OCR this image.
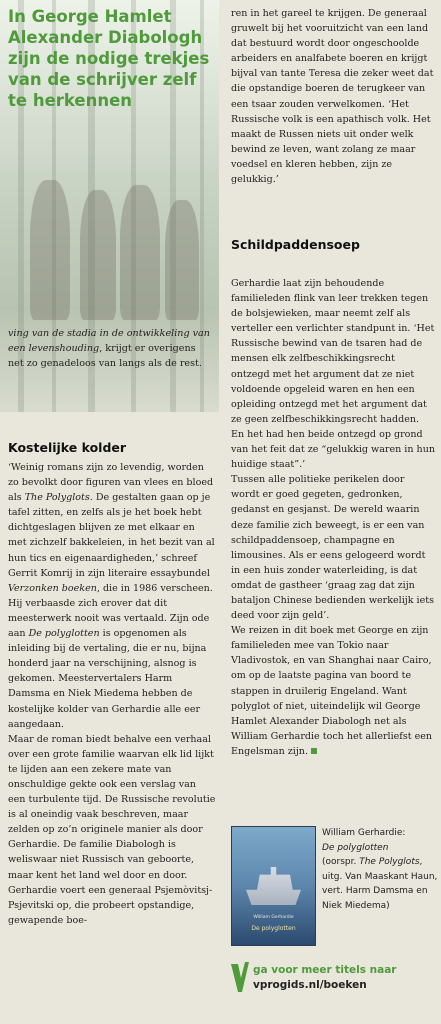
In George Hamlet Alexander Diabologh zijn de nodige trekjes van de schrijver zelf te herkennen
ving van de stadia in de ontwikkeling van een levenshouding, krijgt er overigens net zo genadeloos van langs als de rest.
Kostelijke kolder

‘Weinig romans zijn zo levendig, worden zo bevolkt door figuren van vlees en bloed als The Polyglots. De gestalten gaan op je tafel zitten, en zelfs als je het boek hebt dichtgeslagen blijven ze met elkaar en met zichzelf bakkeleien, in het bezit van al hun tics en eigenaardigheden,’ schreef Gerrit Komrij in zijn literaire essaybundel Verzonken boeken, die in 1986 verscheen. Hij verbaasde zich erover dat dit meesterwerk nooit was vertaald. Zijn ode aan De polyglotten is opgenomen als inleiding bij de vertaling, die er nu, bijna honderd jaar na verschijning, alsnog is gekomen. Meestervertalers Harm Damsma en Niek Miedema hebben de kostelijke kolder van Gerhardie alle eer aangedaan.

Maar de roman biedt behalve een verhaal over een grote familie waarvan elk lid lijkt te lijden aan een zekere mate van onschuldige gekte ook een verslag van een turbulente tijd. De Russische revolutie is al oneindig vaak beschreven, maar zelden op zo’n originele manier als door Gerhardie. De familie Diabologh is weliswaar niet Russisch van geboorte, maar kent het land wel door en door. Gerhardie voert een generaal Psjemòvitsj-Psjevitski op, die probeert opstandige, gewapende boe-

ren in het gareel te krijgen. De generaal gruwelt bij het vooruitzicht van een land dat bestuurd wordt door ongeschoolde arbeiders en analfabete boeren en krijgt bijval van tante Teresa die zeker weet dat die opstandige boeren de terugkeer van een tsaar zouden verwelkomen. ‘Het Russische volk is een apathisch volk. Het maakt de Russen niets uit onder welk bewind ze leven, want zolang ze maar voedsel en kleren hebben, zijn ze gelukkig.’

Schildpaddensoep

Gerhardie laat zijn behoudende familieleden flink van leer trekken tegen de bolsjewieken, maar neemt zelf als verteller een verlichter standpunt in. ‘Het Russische bewind van de tsaren had de mensen elk zelfbeschikkingsrecht ontzegd met het argument dat ze niet voldoende opgeleid waren en hen een opleiding ontzegd met het argument dat ze geen zelfbeschikkingsrecht hadden. En het had hen beide ontzegd op grond van het feit dat ze “gelukkig waren in hun huidige staat”.’

Tussen alle politieke perikelen door wordt er goed gegeten, gedronken, gedanst en gesjanst. De wereld waarin deze familie zich beweegt, is er een van schildpaddensoep, champagne en limousines. Als er eens gelogeerd wordt in een huis zonder waterleiding, is dat omdat de gastheer ‘graag zag dat zijn bataljon Chinese bedienden werkelijk iets deed voor zijn geld’.

We reizen in dit boek met George en zijn familieleden mee van Tokio naar Vladivostok, en van Shanghai naar Cairo, om op de laatste pagina van boord te stappen in druilerig Engeland. Want polyglot of niet, uiteindelijk wil George Hamlet Alexander Diabologh net als William Gerhardie toch het allerliefst een Engelsman zijn.

William Gerhardie
De polyglotten
William Gerhardie:
De polyglotten
(oorspr. The Polyglots, uitg. Van Maaskant Haun, vert. Harm Damsma en Niek Miedema)
ga voor meer titels naar
vprogids.nl/boeken
